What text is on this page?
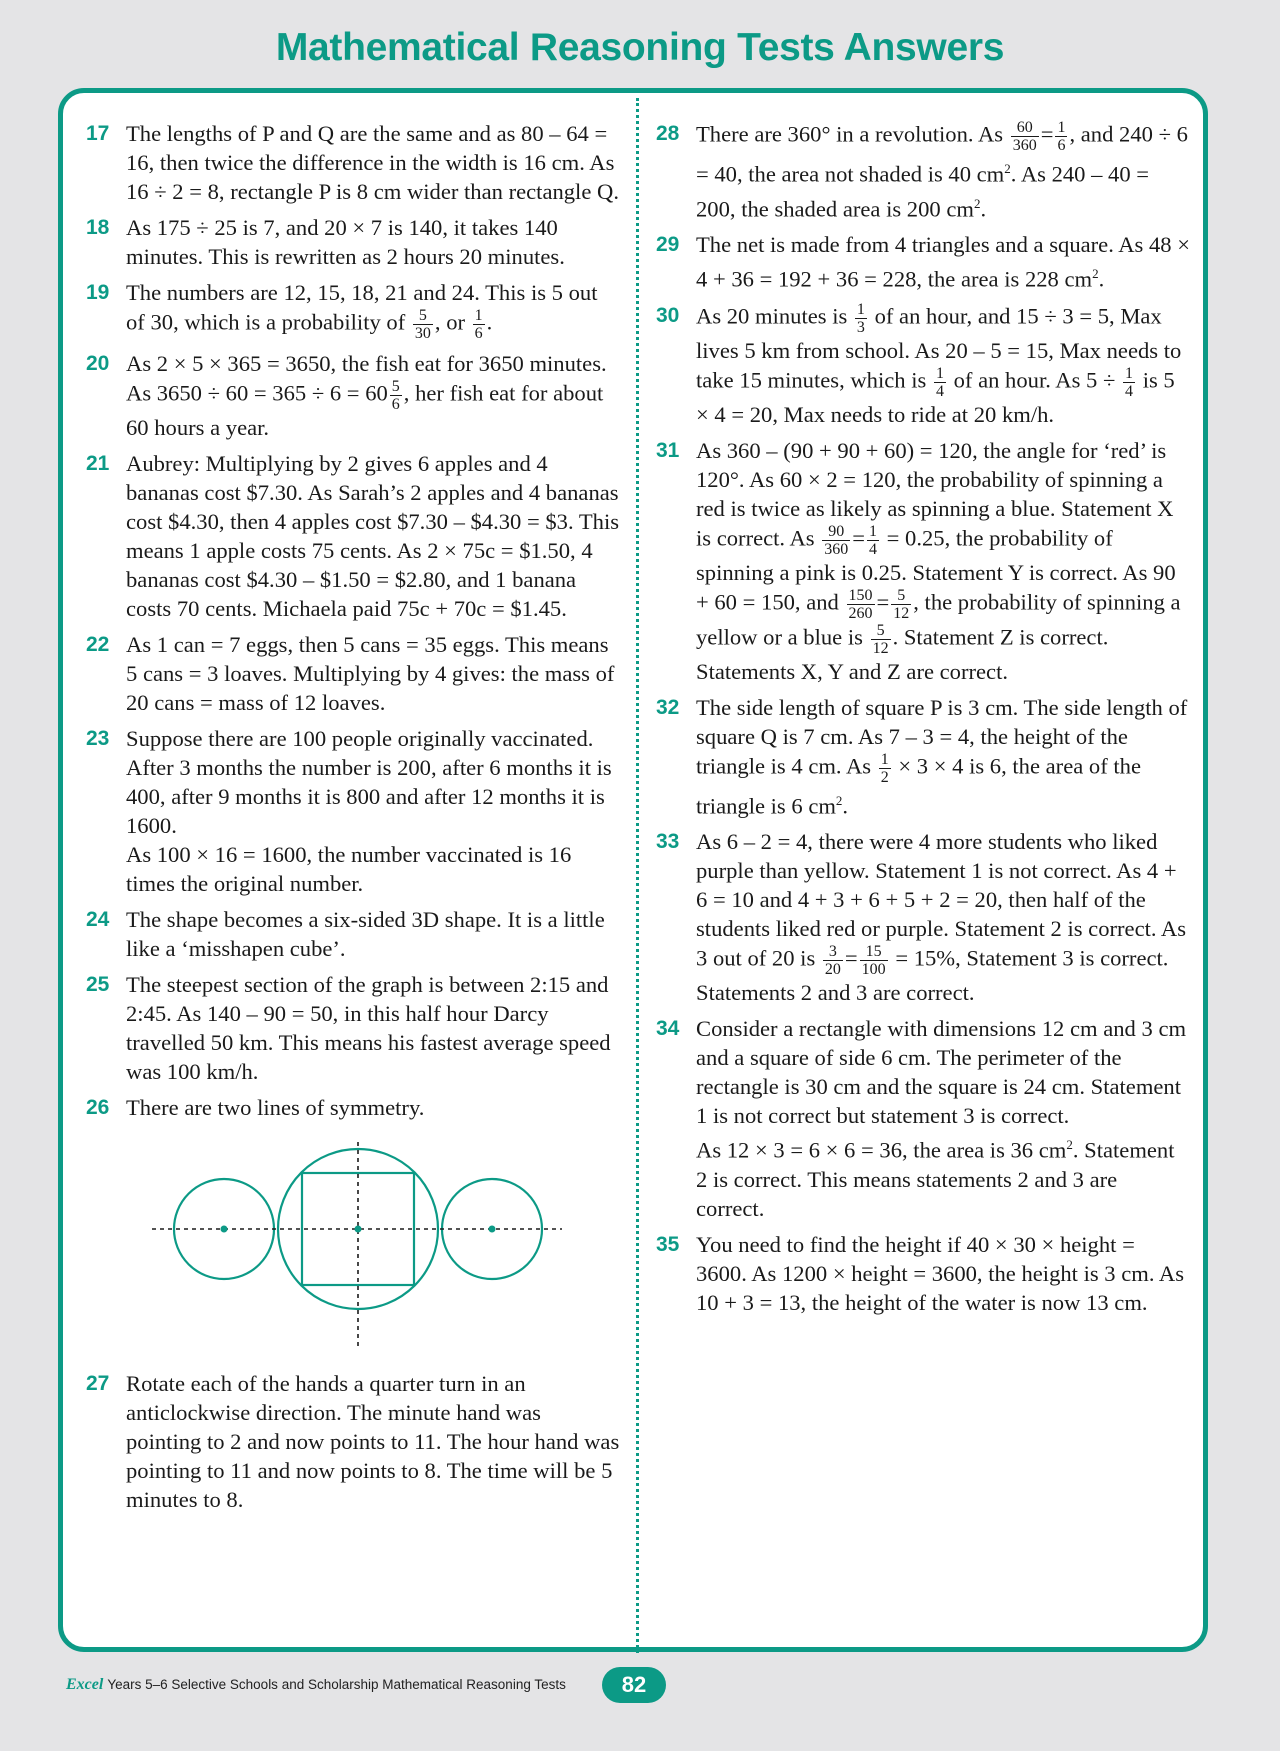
Mathematical Reasoning Tests Answers
17 The lengths of P and Q are the same and as 80 – 64 = 16, then twice the difference in the width is 16 cm. As 16 ÷ 2 = 8, rectangle P is 8 cm wider than rectangle Q.

18 As 175 ÷ 25 is 7, and 20 × 7 is 140, it takes 140 minutes. This is rewritten as 2 hours 20 minutes.

19 The numbers are 12, 15, 18, 21 and 24. This is 5 out of 30, which is a probability of $\frac{5}{30}$ , or $\frac{1}{6}$ .

20 As 2 × 5 × 365 = 3650, the fish eat for 3650 minutes. As $3650 \div 60 = 365 \div 6 = 60 \frac{5}{6}$ , her fish eat for about 60 hours a year.

21 Aubrey: Multiplying by 2 gives 6 apples and 4 bananas cost $7.30. As Sarah’s 2 apples and 4 bananas cost $4.30, then 4 apples cost $7.30 – $4.30 = $3. This means 1 apple costs 75 cents. As 2 × 75c = $1.50, 4 bananas cost $4.30 – $1.50 = $2.80, and 1 banana costs 70 cents. Michaela paid 75c + 70c = $1.45.

22 As 1 can = 7 eggs, then 5 cans = 35 eggs. This means 5 cans = 3 loaves. Multiplying by 4 gives: the mass of 20 cans = mass of 12 loaves.

23 Suppose there are 100 people originally vaccinated. After 3 months the number is 200, after 6 months it is 400, after 9 months it is 800 and after 12 months it is 1600.

As 100 × 16 = 1600, the number vaccinated is 16 times the original number.

24 The shape becomes a six-sided 3D shape. It is a little like a ‘misshapen cube’.

25 The steepest section of the graph is between 2:15 and 2:45. As 140 – 90 = 50, in this half hour Darcy travelled 50 km. This means his fastest average speed was 100 km/h.

26 There are two lines of symmetry.

27 Rotate each of the hands a quarter turn in an anticlockwise direction. The minute hand was pointing to 2 and now points to 11. The hour hand was pointing to 11 and now points to 8. The time will be 5 minutes to 8.

28 There are 360° in a revolution. As $\frac{60}{360} = \frac{1}{6}$ , and 240 ÷ 6 = 40, the area not shaded is 40 $cm^2$. As 240 – 40 = 200, the shaded area is 200 $cm^2$.

29 The net is made from 4 triangles and a square. As 48 × 4 + 36 = 192 + 36 = 228, the area is 228 $cm^2$.

30 As 20 minutes is $\frac{1}{3}$ of an hour, and 15 ÷ 3 = 5, Max lives 5 km from school. As 20 – 5 = 15, Max needs to take 15 minutes, which is $\frac{1}{4}$ of an hour. As $5 \div \frac{1}{4}$ is 5 × 4 = 20, Max needs to ride at 20 km/h.

31 As 360 – (90 + 90 + 60) = 120, the angle for ‘red’ is 120°. As 60 × 2 = 120, the probability of spinning a red is twice as likely as spinning a blue. Statement X is correct. As $\frac{90}{360} = \frac{1}{4} = 0.25$, the probability of spinning a pink is 0.25. Statement Y is correct. As 90 + 60 = 150, and $\frac{150}{260} = \frac{5}{12}$ , the probability of spinning a yellow or a blue is $\frac{5}{12}$ . Statement Z is correct. Statements X, Y and Z are correct.

32 The side length of square P is 3 cm. The side length of square Q is 7 cm. As 7 – 3 = 4, the height of the triangle is 4 cm. As $\frac{1}{2} \times 3 \times 4$ is 6, the area of the triangle is 6 $cm^2$.

33 As 6 – 2 = 4, there were 4 more students who liked purple than yellow. Statement 1 is not correct. As 4 + 6 = 10 and 4 + 3 + 6 + 5 + 2 = 20, then half of the students liked red or purple. Statement 2 is correct. As 3 out of 20 is $\frac{3}{20} = \frac{15}{100} = 15\%$, Statement 3 is correct. Statements 2 and 3 are correct.

34 Consider a rectangle with dimensions 12 cm and 3 cm and a square of side 6 cm. The perimeter of the rectangle is 30 cm and the square is 24 cm. Statement 1 is not correct but statement 3 is correct.

As 12 × 3 = 6 × 6 = 36, the area is 36 $cm^2$. Statement 2 is correct. This means statements 2 and 3 are correct.

35 You need to find the height if 40 × 30 × height = 3600. As 1200 × height = 3600, the height is 3 cm. As 10 + 3 = 13, the height of the water is now 13 cm.

Excel Years 5–6 Selective Schools and Scholarship Mathematical Reasoning Tests	82
